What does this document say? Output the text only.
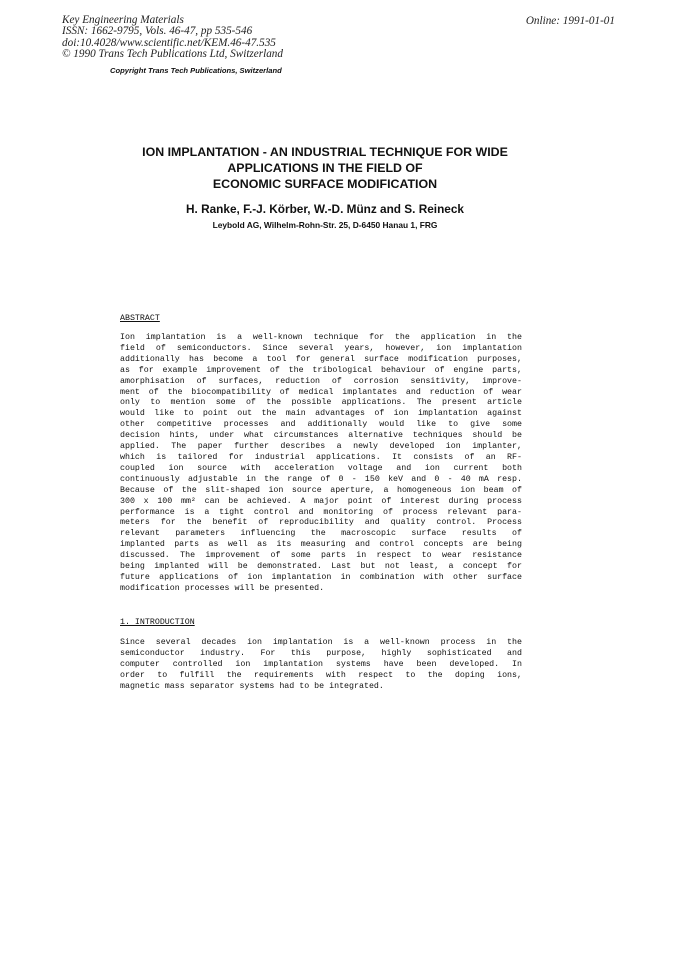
Key Engineering Materials
ISSN: 1662-9795, Vols. 46-47, pp 535-546
doi:10.4028/www.scientific.net/KEM.46-47.535
© 1990 Trans Tech Publications Ltd, Switzerland
Copyright Trans Tech Publications, Switzerland
Online: 1991-01-01
ION IMPLANTATION - AN INDUSTRIAL TECHNIQUE FOR WIDE
APPLICATIONS IN THE FIELD OF
ECONOMIC SURFACE MODIFICATION
H. Ranke, F.-J. Körber, W.-D. Münz and S. Reineck
Leybold AG, Wilhelm-Rohn-Str. 25, D-6450 Hanau 1, FRG
ABSTRACT
Ion implantation is a well-known technique for the application in the
field of semiconductors. Since several years, however, ion implantation
additionally has become a tool for general surface modification purposes,
as for example improvement of the tribological behaviour of engine parts,
amorphisation of surfaces, reduction of corrosion sensitivity, improve-
ment of the biocompatibility of medical implantates and reduction of wear
only to mention some of the possible applications. The present article
would like to point out the main advantages of ion implantation against
other competitive processes and additionally would like to give some
decision hints, under what circumstances alternative techniques should be
applied. The paper further describes a newly developed ion implanter,
which is tailored for industrial applications. It consists of an RF-
coupled ion source with acceleration voltage and ion current both
continuously adjustable in the range of 0 - 150 keV and 0 - 40 mA resp.
Because of the slit-shaped ion source aperture, a homogeneous ion beam of
300 x 100 mm² can be achieved. A major point of interest during process
performance is a tight control and monitoring of process relevant para-
meters for the benefit of reproducibility and quality control. Process
relevant parameters influencing the macroscopic surface results of
implanted parts as well as its measuring and control concepts are being
discussed. The improvement of some parts in respect to wear resistance
being implanted will be demonstrated. Last but not least, a concept for
future applications of ion implantation in combination with other surface
modification processes will be presented.
1. INTRODUCTION
Since several decades ion implantation is a well-known process in the
semiconductor industry. For this purpose, highly sophisticated and
computer controlled ion implantation systems have been developed. In
order to fulfill the requirements with respect to the doping ions,
magnetic mass separator systems had to be integrated.
